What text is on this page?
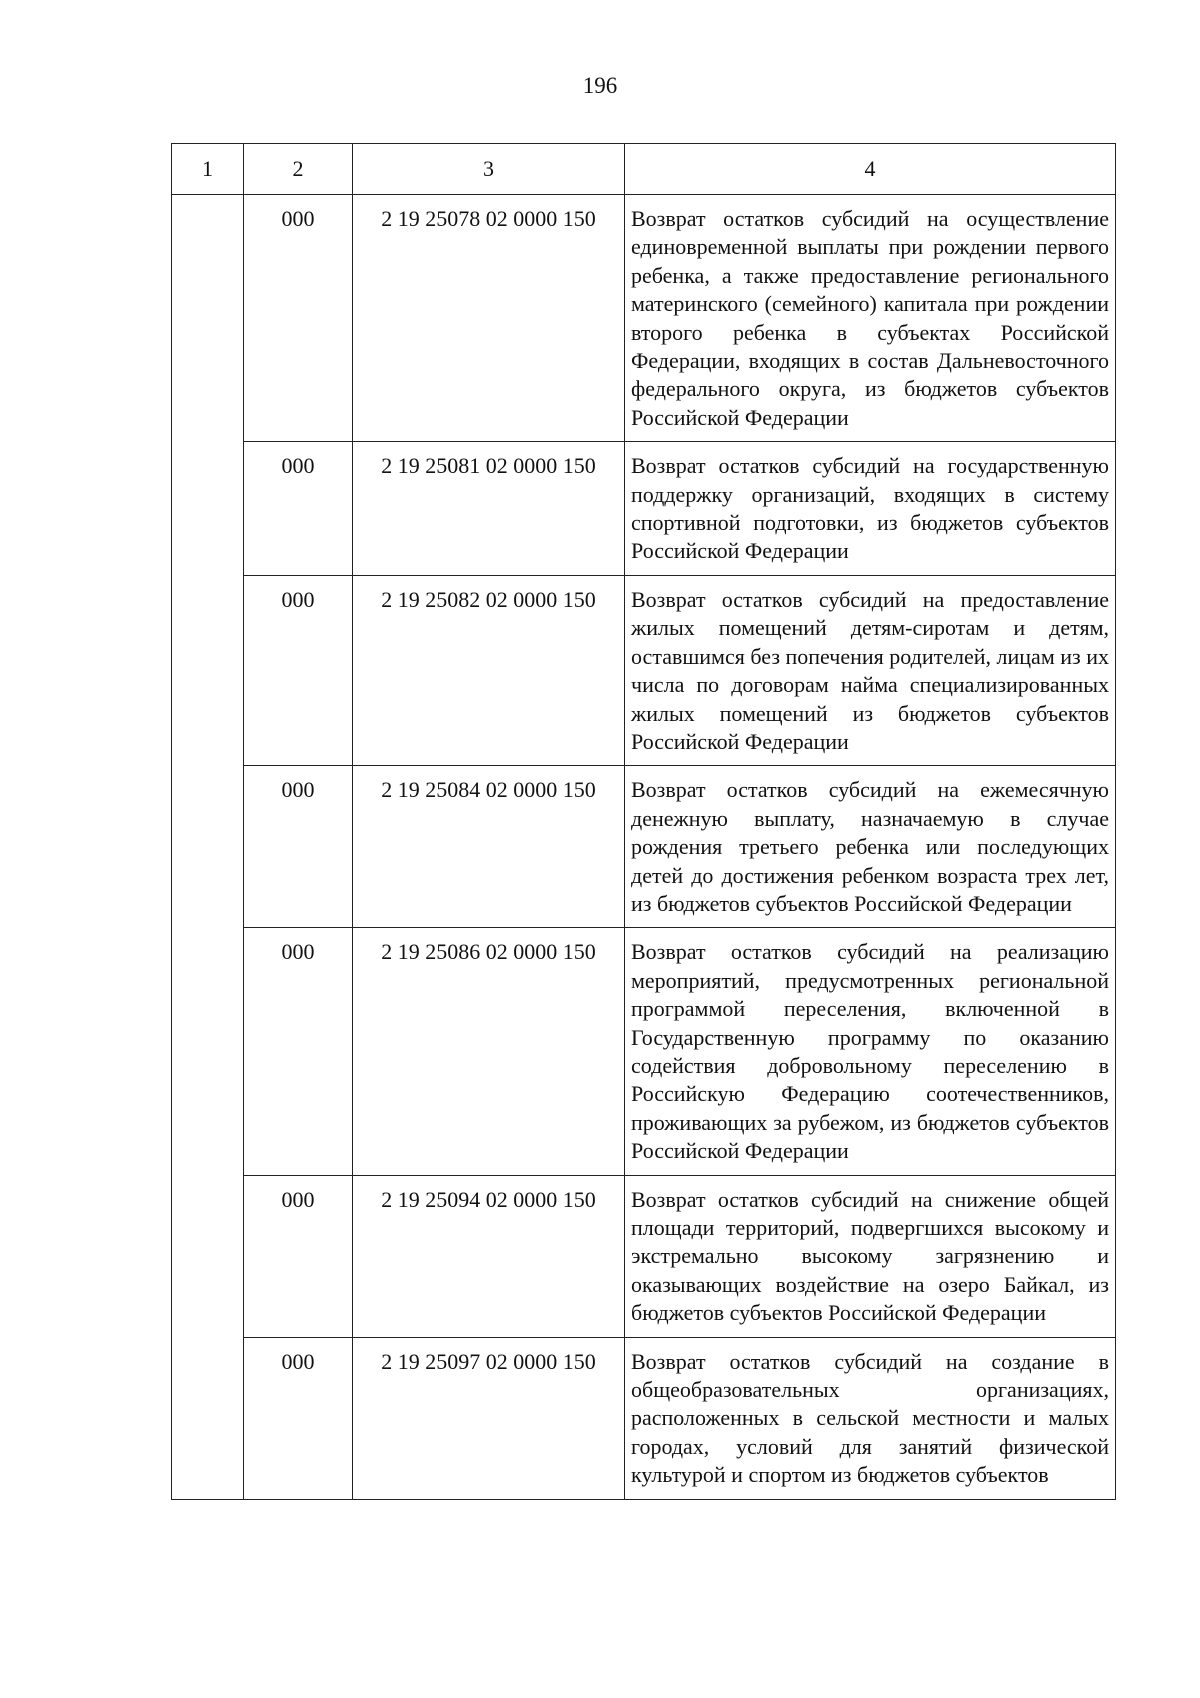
196
1	2	3	4
	000	2 19 25078 02 0000 150	Возврат остатков субсидий на осуществление единовременной выплаты при рождении первого ребенка, а также предоставление регионального материнского (семейного) капитала при рождении второго ребенка в субъектах Российской Федерации, входящих в состав Дальневосточного федерального округа, из бюджетов субъектов Российской Федерации
	000	2 19 25081 02 0000 150	Возврат остатков субсидий на государственную поддержку организаций, входящих в систему спортивной подготовки, из бюджетов субъектов Российской Федерации
	000	2 19 25082 02 0000 150	Возврат остатков субсидий на предоставление жилых помещений детям-сиротам и детям, оставшимся без попечения родителей, лицам из их числа по договорам найма специализированных жилых помещений из бюджетов субъектов Российской Федерации
	000	2 19 25084 02 0000 150	Возврат остатков субсидий на ежемесячную денежную выплату, назначаемую в случае рождения третьего ребенка или последующих детей до достижения ребенком возраста трех лет, из бюджетов субъектов Российской Федерации
	000	2 19 25086 02 0000 150	Возврат остатков субсидий на реализацию мероприятий, предусмотренных региональной программой переселения, включенной в Государственную программу по оказанию содействия добровольному переселению в Российскую Федерацию соотечественников, проживающих за рубежом, из бюджетов субъектов Российской Федерации
	000	2 19 25094 02 0000 150	Возврат остатков субсидий на снижение общей площади территорий, подвергшихся высокому и экстремально высокому загрязнению и оказывающих воздействие на озеро Байкал, из бюджетов субъектов Российской Федерации
	000	2 19 25097 02 0000 150	Возврат остатков субсидий на создание в общеобразовательных организациях, расположенных в сельской местности и малых городах, условий для занятий физической культурой и спортом из бюджетов субъектов
